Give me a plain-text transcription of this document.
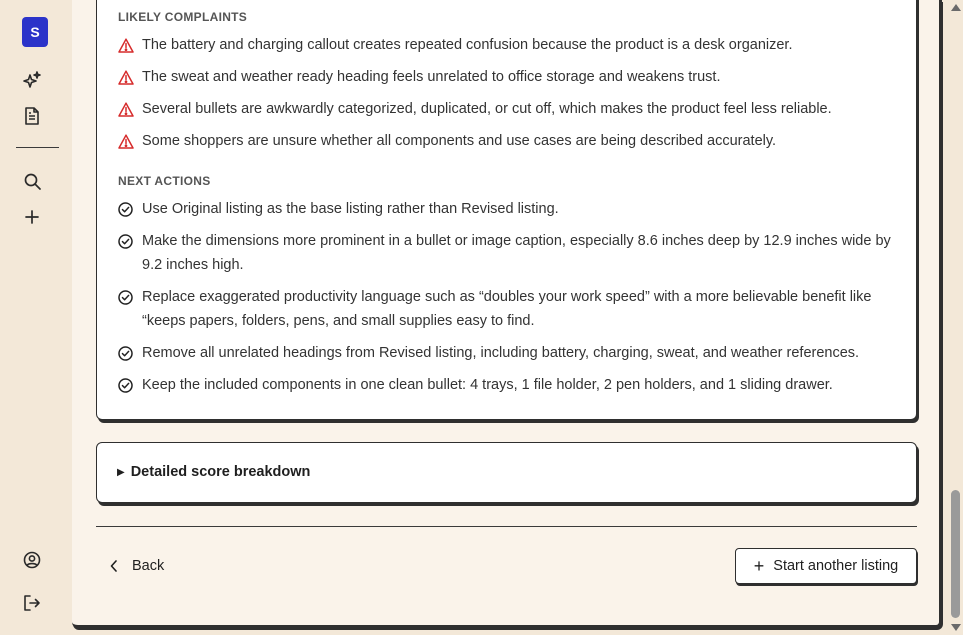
S
LIKELY COMPLAINTS
The battery and charging callout creates repeated confusion because the product is a desk organizer.
The sweat and weather ready heading feels unrelated to office storage and weakens trust.
Several bullets are awkwardly categorized, duplicated, or cut off, which makes the product feel less reliable.
Some shoppers are unsure whether all components and use cases are being described accurately.
NEXT ACTIONS
Use Original listing as the base listing rather than Revised listing.
Make the dimensions more prominent in a bullet or image caption, especially 8.6 inches deep by 12.9 inches wide by 9.2 inches high.
Replace exaggerated productivity language such as “doubles your work speed” with a more believable benefit like “keeps papers, folders, pens, and small supplies easy to find.
Remove all unrelated headings from Revised listing, including battery, charging, sweat, and weather references.
Keep the included components in one clean bullet: 4 trays, 1 file holder, 2 pen holders, and 1 sliding drawer.
▶ Detailed score breakdown
Back	+ Start another listing
